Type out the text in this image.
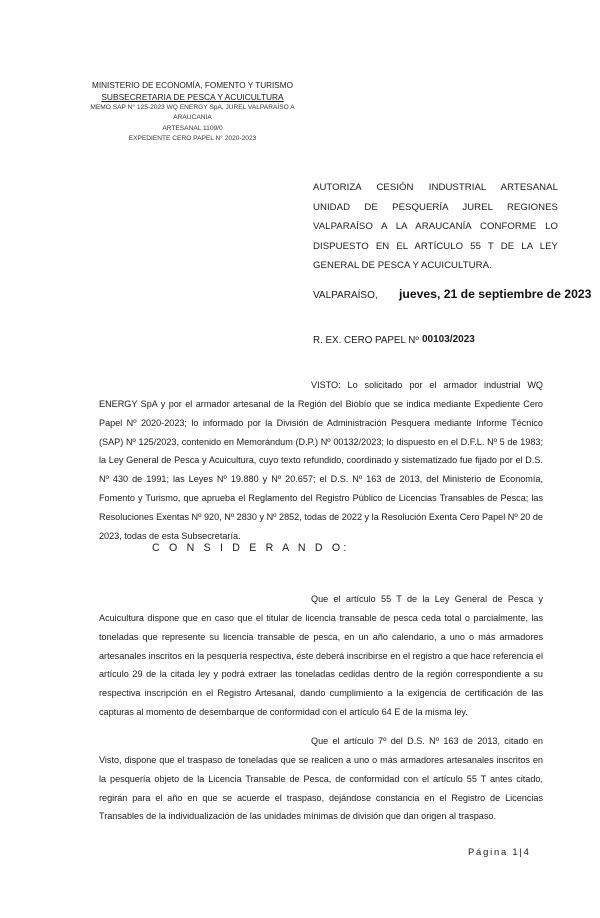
MINISTERIO DE ECONOMÍA, FOMENTO Y TURISMO
SUBSECRETARIA DE PESCA Y ACUICULTURA
MEMO SAP N° 125-2023 WQ ENERGY SpA, JUREL VALPARAÍSO A
ARAUCANIA
ARTESANAL 1109/0
EXPEDIENTE CERO PAPEL N° 2020-2023
AUTORIZA CESIÓN INDUSTRIAL ARTESANAL UNIDAD DE PESQUERÍA JUREL REGIONES VALPARAÍSO A LA ARAUCANÍA CONFORME LO DISPUESTO EN EL ARTÍCULO 55 T DE LA LEY GENERAL DE PESCA Y ACUICULTURA.
VALPARAÍSO, jueves, 21 de septiembre de 2023
R. EX. CERO PAPEL Nº 00103/2023

VISTO: Lo solicitado por el armador industrial WQ ENERGY SpA y por el armador artesanal de la Región del Biobío que se indica mediante Expediente Cero Papel Nº 2020-2023; lo informado por la División de Administración Pesquera mediante Informe Técnico (SAP) Nº 125/2023, contenido en Memorándum (D.P.) Nº 00132/2023; lo dispuesto en el D.F.L. Nº 5 de 1983; la Ley General de Pesca y Acuicultura, cuyo texto refundido, coordinado y sistematizado fue fijado por el D.S. Nº 430 de 1991; las Leyes Nº 19.880 y Nº 20.657; el D.S. Nº 163 de 2013, del Ministerio de Economía, Fomento y Turismo, que aprueba el Reglamento del Registro Público de Licencias Transables de Pesca; las Resoluciones Exentas Nº 920, Nº 2830 y Nº 2852, todas de 2022 y la Resolución Exenta Cero Papel Nº 20 de 2023, todas de esta Subsecretaría.

C O N S I D E R A N D O:

Que el artículo 55 T de la Ley General de Pesca y Acuicultura dispone que en caso que el titular de licencia transable de pesca ceda total o parcialmente, las toneladas que represente su licencia transable de pesca, en un año calendario, a uno o más armadores artesanales inscritos en la pesquería respectiva, éste deberá inscribirse en el registro a que hace referencia el artículo 29 de la citada ley y podrá extraer las toneladas cedidas dentro de la región correspondiente a su respectiva inscripción en el Registro Artesanal, dando cumplimiento a la exigencia de certificación de las capturas al momento de desembarque de conformidad con el artículo 64 E de la misma ley.

Que el artículo 7º del D.S. Nº 163 de 2013, citado en Visto, dispone que el traspaso de toneladas que se realicen a uno o más armadores artesanales inscritos en la pesquería objeto de la Licencia Transable de Pesca, de conformidad con el artículo 55 T antes citado, regirán para el año en que se acuerde el traspaso, dejándose constancia en el Registro de Licencias Transables de la individualización de las unidades mínimas de división que dan origen al traspaso.

Página 1|4
